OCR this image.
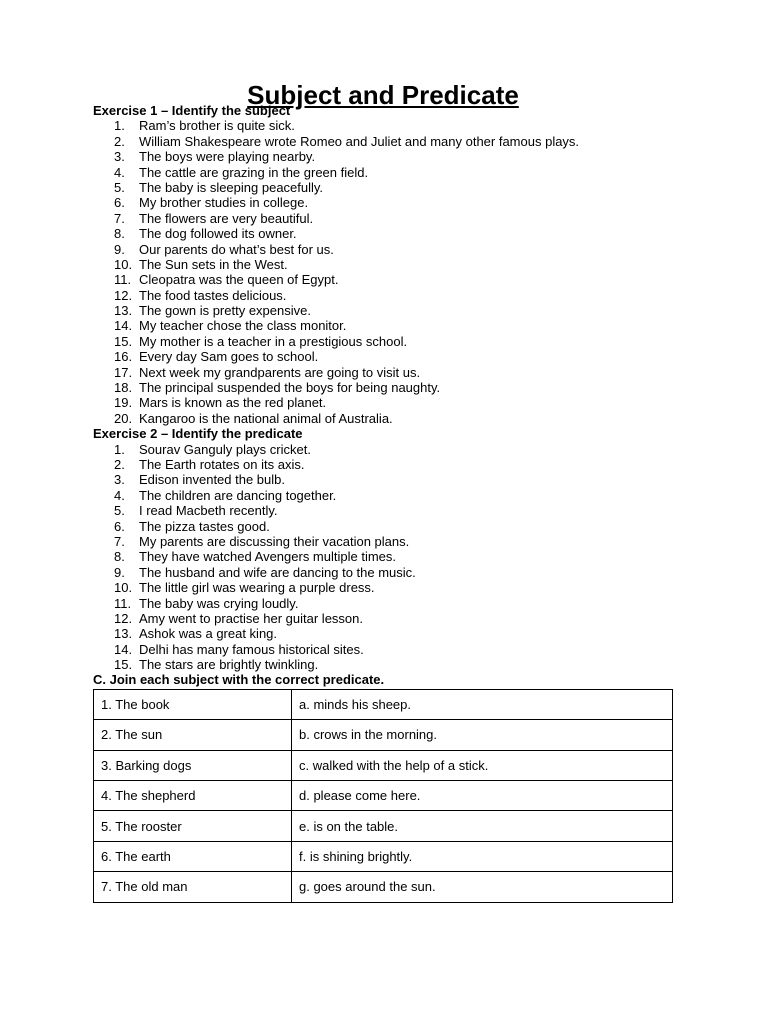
Subject and Predicate
Exercise 1 – Identify the subject
1. Ram’s brother is quite sick.
2. William Shakespeare wrote Romeo and Juliet and many other famous plays.
3. The boys were playing nearby.
4. The cattle are grazing in the green field.
5. The baby is sleeping peacefully.
6. My brother studies in college.
7. The flowers are very beautiful.
8. The dog followed its owner.
9. Our parents do what’s best for us.
10. The Sun sets in the West.
11. Cleopatra was the queen of Egypt.
12. The food tastes delicious.
13. The gown is pretty expensive.
14. My teacher chose the class monitor.
15. My mother is a teacher in a prestigious school.
16. Every day Sam goes to school.
17. Next week my grandparents are going to visit us.
18. The principal suspended the boys for being naughty.
19. Mars is known as the red planet.
20. Kangaroo is the national animal of Australia.
Exercise 2 – Identify the predicate
1. Sourav Ganguly plays cricket.
2. The Earth rotates on its axis.
3. Edison invented the bulb.
4. The children are dancing together.
5. I read Macbeth recently.
6. The pizza tastes good.
7. My parents are discussing their vacation plans.
8. They have watched Avengers multiple times.
9. The husband and wife are dancing to the music.
10. The little girl was wearing a purple dress.
11. The baby was crying loudly.
12. Amy went to practise her guitar lesson.
13. Ashok was a great king.
14. Delhi has many famous historical sites.
15. The stars are brightly twinkling.
C. Join each subject with the correct predicate.
1. The book	a. minds his sheep.
2. The sun	b. crows in the morning.
3. Barking dogs	c. walked with the help of a stick.
4. The shepherd	d. please come here.
5. The rooster	e. is on the table.
6. The earth	f. is shining brightly.
7. The old man	g. goes around the sun.
